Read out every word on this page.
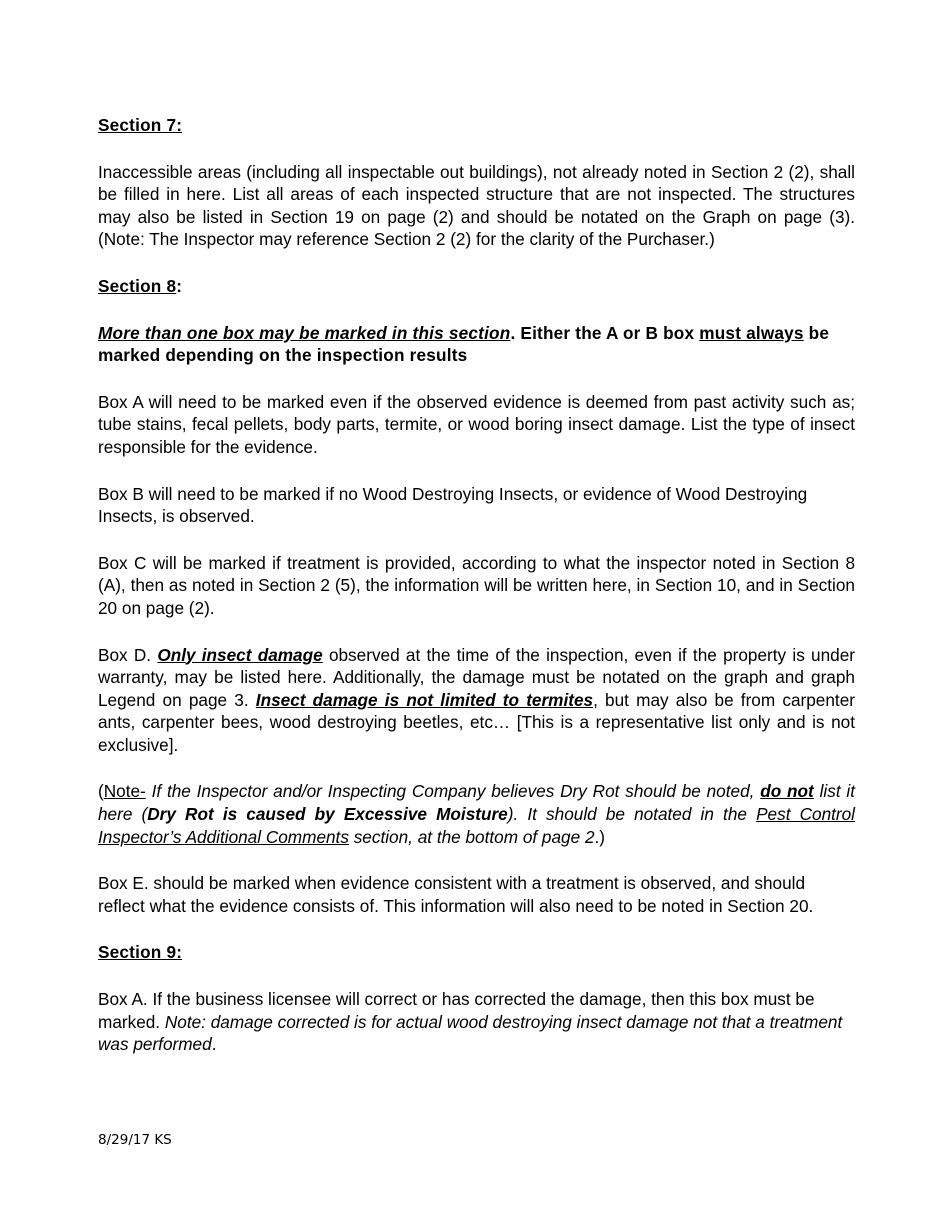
Section 7:
Inaccessible areas (including all inspectable out buildings), not already noted in Section 2 (2), shall be filled in here. List all areas of each inspected structure that are not inspected. The structures may also be listed in Section 19 on page (2) and should be notated on the Graph on page (3). (Note: The Inspector may reference Section 2 (2) for the clarity of the Purchaser.)
Section 8:
More than one box may be marked in this section. Either the A or B box must always be marked depending on the inspection results
Box A will need to be marked even if the observed evidence is deemed from past activity such as; tube stains, fecal pellets, body parts, termite, or wood boring insect damage. List the type of insect responsible for the evidence.
Box B will need to be marked if no Wood Destroying Insects, or evidence of Wood Destroying Insects, is observed.
Box C will be marked if treatment is provided, according to what the inspector noted in Section 8 (A), then as noted in Section 2 (5), the information will be written here, in Section 10, and in Section 20 on page (2).
Box D. Only insect damage observed at the time of the inspection, even if the property is under warranty, may be listed here. Additionally, the damage must be notated on the graph and graph Legend on page 3. Insect damage is not limited to termites, but may also be from carpenter ants, carpenter bees, wood destroying beetles, etc… [This is a representative list only and is not exclusive].
(Note- If the Inspector and/or Inspecting Company believes Dry Rot should be noted, do not list it here (Dry Rot is caused by Excessive Moisture). It should be notated in the Pest Control Inspector’s Additional Comments section, at the bottom of page 2.)
Box E. should be marked when evidence consistent with a treatment is observed, and should reflect what the evidence consists of. This information will also need to be noted in Section 20.
Section 9:
Box A. If the business licensee will correct or has corrected the damage, then this box must be marked. Note: damage corrected is for actual wood destroying insect damage not that a treatment was performed.
8/29/17 KS
